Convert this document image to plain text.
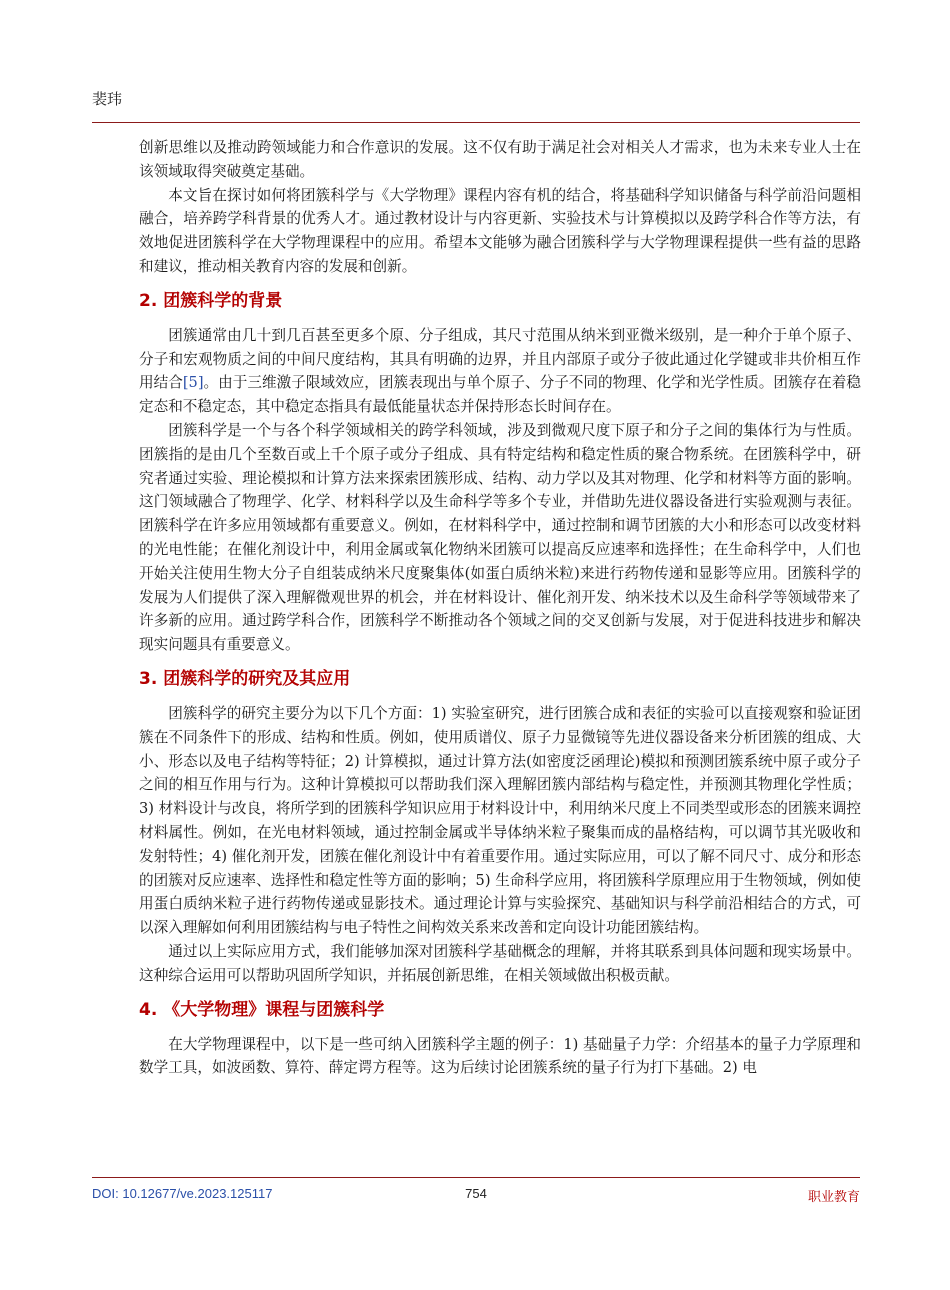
裴玮

创新思维以及推动跨领域能力和合作意识的发展。这不仅有助于满足社会对相关人才需求，也为未来专业人士在该领域取得突破奠定基础。

本文旨在探讨如何将团簇科学与《大学物理》课程内容有机的结合，将基础科学知识储备与科学前沿问题相融合，培养跨学科背景的优秀人才。通过教材设计与内容更新、实验技术与计算模拟以及跨学科合作等方法，有效地促进团簇科学在大学物理课程中的应用。希望本文能够为融合团簇科学与大学物理课程提供一些有益的思路和建议，推动相关教育内容的发展和创新。

2. 团簇科学的背景

团簇通常由几十到几百甚至更多个原、分子组成，其尺寸范围从纳米到亚微米级别，是一种介于单个原子、分子和宏观物质之间的中间尺度结构，其具有明确的边界，并且内部原子或分子彼此通过化学键或非共价相互作用结合[5]。由于三维激子限域效应，团簇表现出与单个原子、分子不同的物理、化学和光学性质。团簇存在着稳定态和不稳定态，其中稳定态指具有最低能量状态并保持形态长时间存在。

团簇科学是一个与各个科学领域相关的跨学科领域，涉及到微观尺度下原子和分子之间的集体行为与性质。团簇指的是由几个至数百或上千个原子或分子组成、具有特定结构和稳定性质的聚合物系统。在团簇科学中，研究者通过实验、理论模拟和计算方法来探索团簇形成、结构、动力学以及其对物理、化学和材料等方面的影响。这门领域融合了物理学、化学、材料科学以及生命科学等多个专业，并借助先进仪器设备进行实验观测与表征。团簇科学在许多应用领域都有重要意义。例如，在材料科学中，通过控制和调节团簇的大小和形态可以改变材料的光电性能；在催化剂设计中，利用金属或氧化物纳米团簇可以提高反应速率和选择性；在生命科学中，人们也开始关注使用生物大分子自组装成纳米尺度聚集体(如蛋白质纳米粒)来进行药物传递和显影等应用。团簇科学的发展为人们提供了深入理解微观世界的机会，并在材料设计、催化剂开发、纳米技术以及生命科学等领域带来了许多新的应用。通过跨学科合作，团簇科学不断推动各个领域之间的交叉创新与发展，对于促进科技进步和解决现实问题具有重要意义。

3. 团簇科学的研究及其应用

团簇科学的研究主要分为以下几个方面：1) 实验室研究，进行团簇合成和表征的实验可以直接观察和验证团簇在不同条件下的形成、结构和性质。例如，使用质谱仪、原子力显微镜等先进仪器设备来分析团簇的组成、大小、形态以及电子结构等特征；2) 计算模拟，通过计算方法(如密度泛函理论)模拟和预测团簇系统中原子或分子之间的相互作用与行为。这种计算模拟可以帮助我们深入理解团簇内部结构与稳定性，并预测其物理化学性质；3) 材料设计与改良，将所学到的团簇科学知识应用于材料设计中，利用纳米尺度上不同类型或形态的团簇来调控材料属性。例如，在光电材料领域，通过控制金属或半导体纳米粒子聚集而成的晶格结构，可以调节其光吸收和发射特性；4) 催化剂开发，团簇在催化剂设计中有着重要作用。通过实际应用，可以了解不同尺寸、成分和形态的团簇对反应速率、选择性和稳定性等方面的影响；5) 生命科学应用，将团簇科学原理应用于生物领域，例如使用蛋白质纳米粒子进行药物传递或显影技术。通过理论计算与实验探究、基础知识与科学前沿相结合的方式，可以深入理解如何利用团簇结构与电子特性之间构效关系来改善和定向设计功能团簇结构。

通过以上实际应用方式，我们能够加深对团簇科学基础概念的理解，并将其联系到具体问题和现实场景中。这种综合运用可以帮助巩固所学知识，并拓展创新思维，在相关领域做出积极贡献。

4. 《大学物理》课程与团簇科学

在大学物理课程中，以下是一些可纳入团簇科学主题的例子：1) 基础量子力学：介绍基本的量子力学原理和数学工具，如波函数、算符、薛定谔方程等。这为后续讨论团簇系统的量子行为打下基础。2) 电

DOI: 10.12677/ve.2023.125117	754	职业教育
